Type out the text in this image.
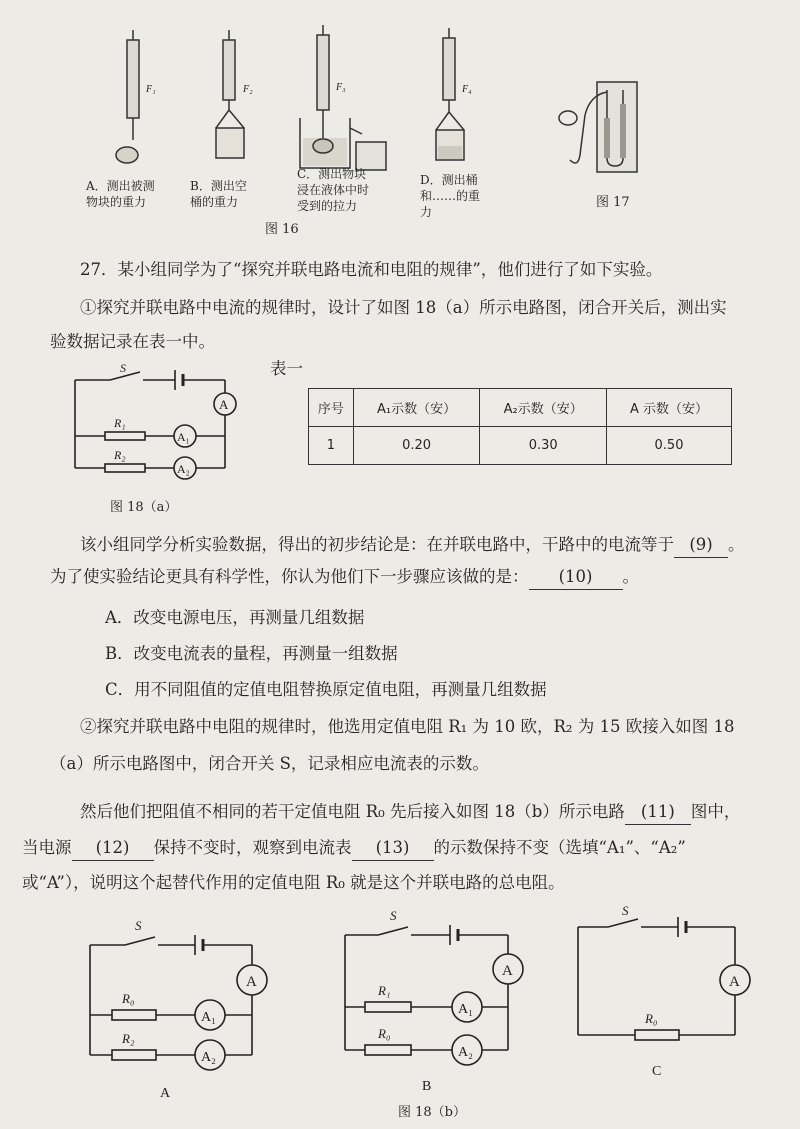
F₁	F₂	F₃	F₄
A．测出被测物块的重力
B．测出空桶的重力
C．测出物块浸在液体中时受到的拉力
D．测出桶和……的重力
图 16
图 17
27．某小组同学为了“探究并联电路电流和电阻的规律”，他们进行了如下实验。
①探究并联电路中电流的规律时，设计了如图 18（a）所示电路图，闭合开关后，测出实
验数据记录在表一中。
S
A
A₁
A₂
R₁
R₂
图 18（a）
表一
序号	A₁示数（安）	A₂示数（安）	A 示数（安）
1	0.20	0.30	0.50
该小组同学分析实验数据，得出的初步结论是：在并联电路中，干路中的电流等于 (9) 。
为了使实验结论更具有科学性，你认为他们下一步骤应该做的是： (10) 。
A．改变电源电压，再测量几组数据
B．改变电流表的量程，再测量一组数据
C．用不同阻值的定值电阻替换原定值电阻，再测量几组数据
②探究并联电路中电阻的规律时，他选用定值电阻 R₁ 为 10 欧，R₂ 为 15 欧接入如图 18
（a）所示电路图中，闭合开关 S，记录相应电流表的示数。
然后他们把阻值不相同的若干定值电阻 R₀ 先后接入如图 18（b）所示电路 (11) 图中，
当电源 (12) 保持不变时，观察到电流表 (13) 的示数保持不变（选填“A₁”、“A₂”
或“A”），说明这个起替代作用的定值电阻 R₀ 就是这个并联电路的总电阻。
S
A
A₁
A₂
R₀
R₂
A
S
A
A₁
A₂
R₁
R₀
B
S
A
R₀
C
图 18（b）
